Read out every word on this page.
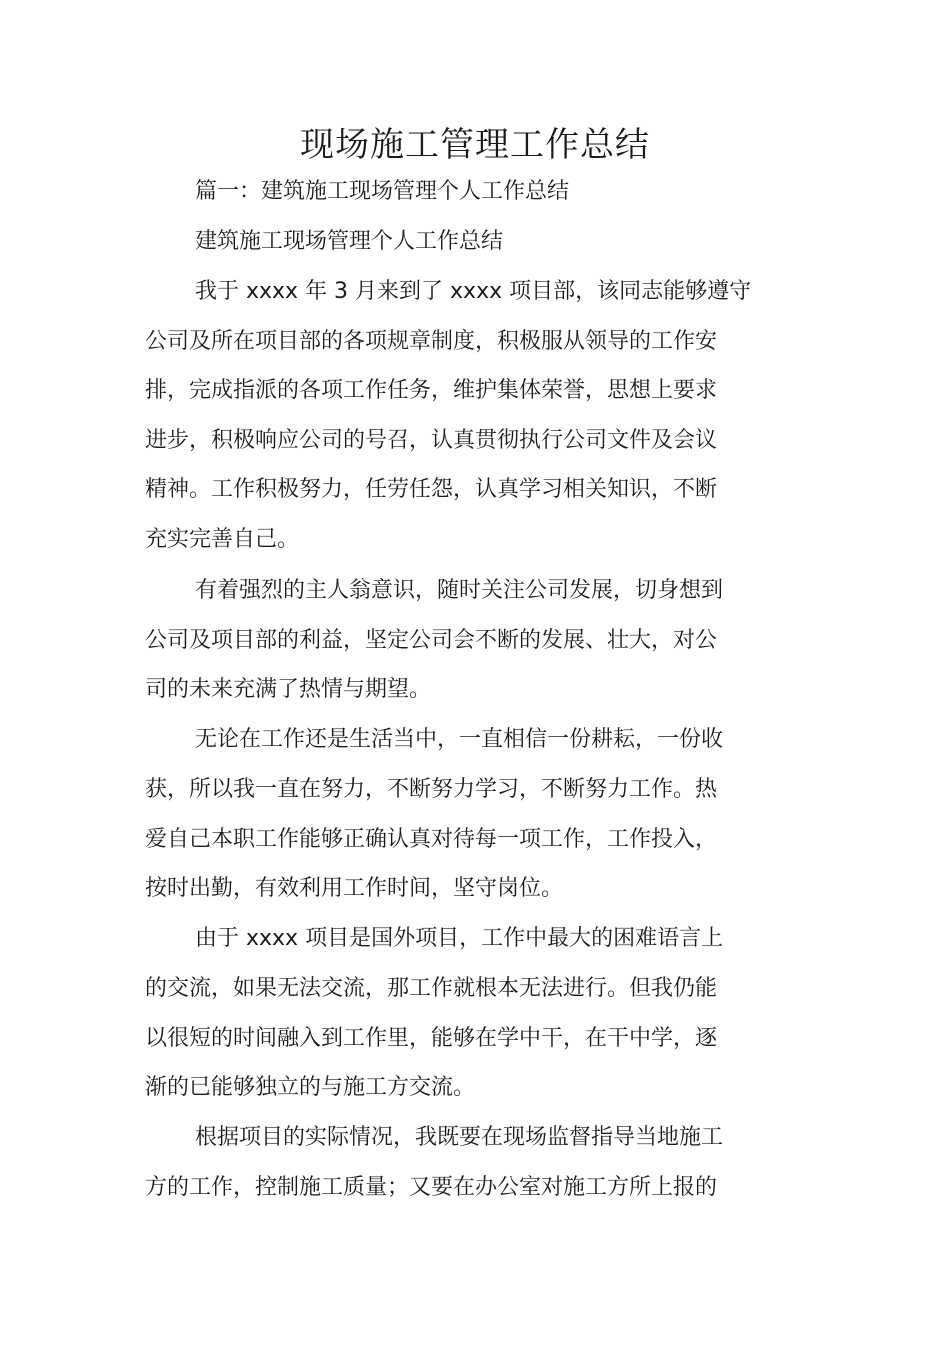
现场施工管理工作总结

篇一：建筑施工现场管理个人工作总结

建筑施工现场管理个人工作总结

我于 xxxx 年 3 月来到了 xxxx 项目部，该同志能够遵守

公司及所在项目部的各项规章制度，积极服从领导的工作安

排，完成指派的各项工作任务，维护集体荣誉，思想上要求

进步，积极响应公司的号召，认真贯彻执行公司文件及会议

精神。工作积极努力，任劳任怨，认真学习相关知识，不断

充实完善自己。

有着强烈的主人翁意识，随时关注公司发展，切身想到

公司及项目部的利益，坚定公司会不断的发展、壮大，对公

司的未来充满了热情与期望。

无论在工作还是生活当中，一直相信一份耕耘，一份收

获，所以我一直在努力，不断努力学习，不断努力工作。热

爱自己本职工作能够正确认真对待每一项工作，工作投入，

按时出勤，有效利用工作时间，坚守岗位。

由于 xxxx 项目是国外项目，工作中最大的困难语言上

的交流，如果无法交流，那工作就根本无法进行。但我仍能

以很短的时间融入到工作里，能够在学中干，在干中学，逐

渐的已能够独立的与施工方交流。

根据项目的实际情况，我既要在现场监督指导当地施工

方的工作，控制施工质量；又要在办公室对施工方所上报的
